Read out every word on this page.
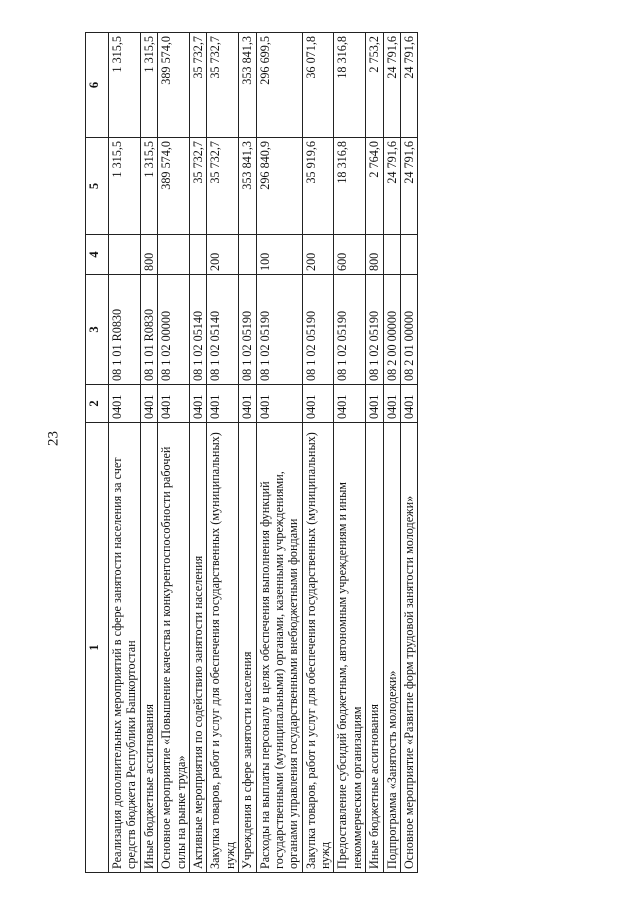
23
1	2	3	4	5	6
Реализация дополнительных мероприятий в сфере занятости населения за счет средств бюджета Республики Башкортостан	0401	08 1 01 R0830		1 315,5	1 315,5
Иные бюджетные ассигнования	0401	08 1 01 R0830	800	1 315,5	1 315,5
Основное мероприятие «Повышение качества и конкурентоспособности рабочей силы на рынке труда»	0401	08 1 02 00000		389 574,0	389 574,0
Активные мероприятия по содействию занятости населения	0401	08 1 02 05140		35 732,7	35 732,7
Закупка товаров, работ и услуг для обеспечения государственных (муниципальных) нужд	0401	08 1 02 05140	200	35 732,7	35 732,7
Учреждения в сфере занятости населения	0401	08 1 02 05190		353 841,3	353 841,3
Расходы на выплаты персоналу в целях обеспечения выполнения функций государственными (муниципальными) органами, казенными учреждениями, органами управления государственными внебюджетными фондами	0401	08 1 02 05190	100	296 840,9	296 699,5
Закупка товаров, работ и услуг для обеспечения государственных (муниципальных) нужд	0401	08 1 02 05190	200	35 919,6	36 071,8
Предоставление субсидий бюджетным, автономным учреждениям и иным некоммерческим организациям	0401	08 1 02 05190	600	18 316,8	18 316,8
Иные бюджетные ассигнования	0401	08 1 02 05190	800	2 764,0	2 753,2
Подпрограмма «Занятость молодежи»	0401	08 2 00 00000		24 791,6	24 791,6
Основное мероприятие «Развитие форм трудовой занятости молодежи»	0401	08 2 01 00000		24 791,6	24 791,6
